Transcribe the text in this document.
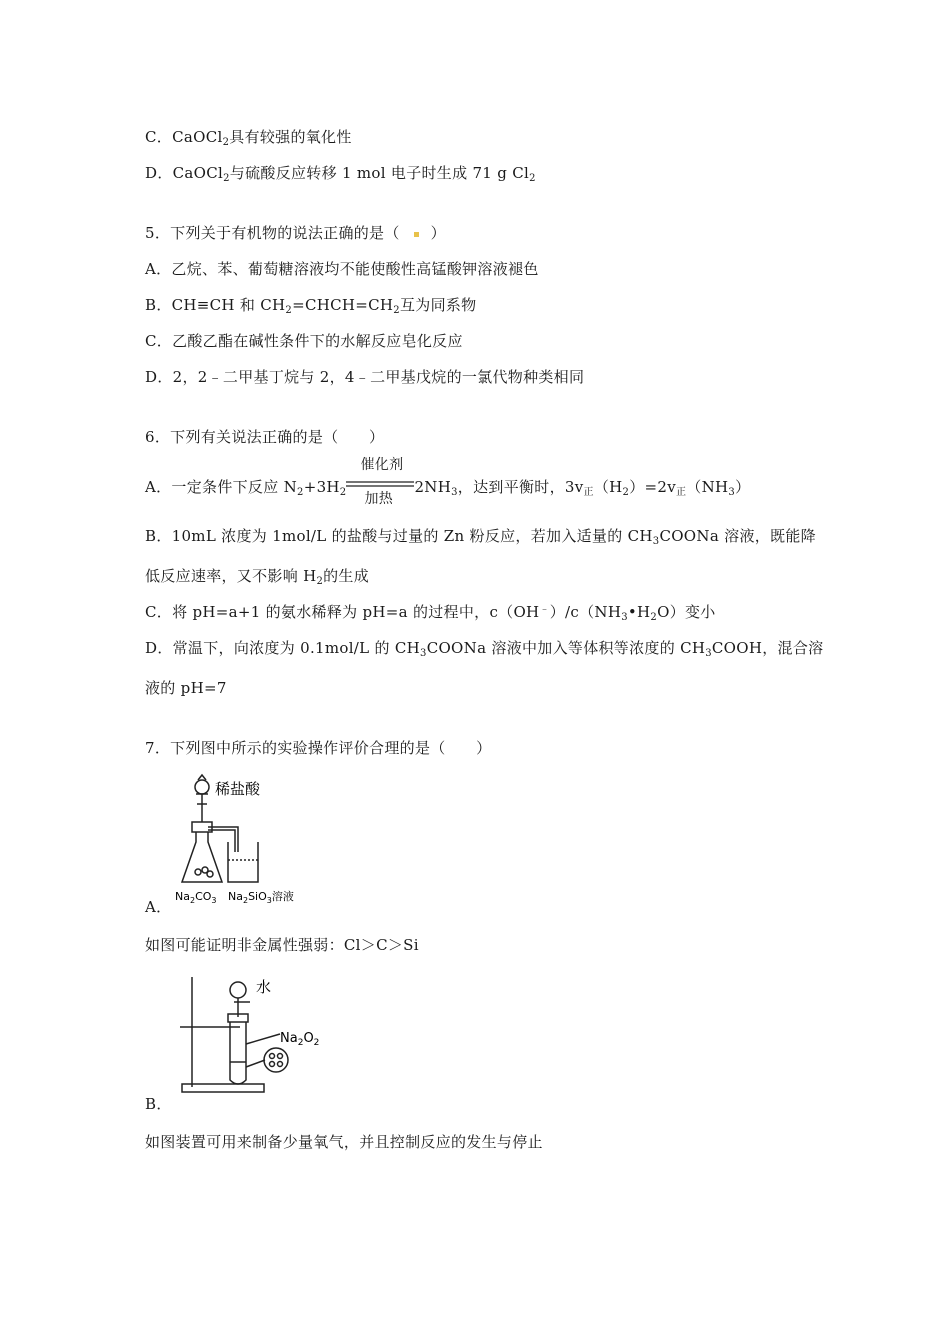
C．CaOCl$_2$具有较强的氧化性
D．CaOCl$_2$与硫酸反应转移 1 mol 电子时生成 71 g $Cl_2$
5．下列关于有机物的说法正确的是（ ）
A．乙烷、苯、葡萄糖溶液均不能使酸性高锰酸钾溶液褪色
B．CH≡CH 和 $CH_2=CHCH=CH_2$互为同系物
C．乙酸乙酯在碱性条件下的水解反应皂化反应
D．2，2﹣二甲基丁烷与 2，4﹣二甲基戊烷的一氯代物种类相同
6．下列有关说法正确的是（　　）
A．一定条件下反应 $N_2+3H_2$
催化剂
加热
$2NH_3$，达到平衡时，$3v_正(H_2)=2v_正(NH_3)$
B．10mL 浓度为 1mol/L 的盐酸与过量的 Zn 粉反应，若加入适量的 $CH_3COONa$ 溶液，既能降
低反应速率，又不影响 $H_2$的生成
C．将 pH=a+1 的氨水稀释为 pH=a 的过程中，$c(OH^﹣)/c(NH_3•H_2O)$变小
D．常温下，向浓度为 0.1mol/L 的 $CH_3COONa$ 溶液中加入等体积等浓度的 $CH_3COOH$，混合溶
液的 pH=7
7．下列图中所示的实验操作评价合理的是（　　）
稀盐酸
$Na_2CO_3$ $Na_2SiO_3$溶液
A．
如图可能证明非金属性强弱：Cl＞C＞Si
水
$Na_2O_2$
B．
如图装置可用来制备少量氧气，并且控制反应的发生与停止
